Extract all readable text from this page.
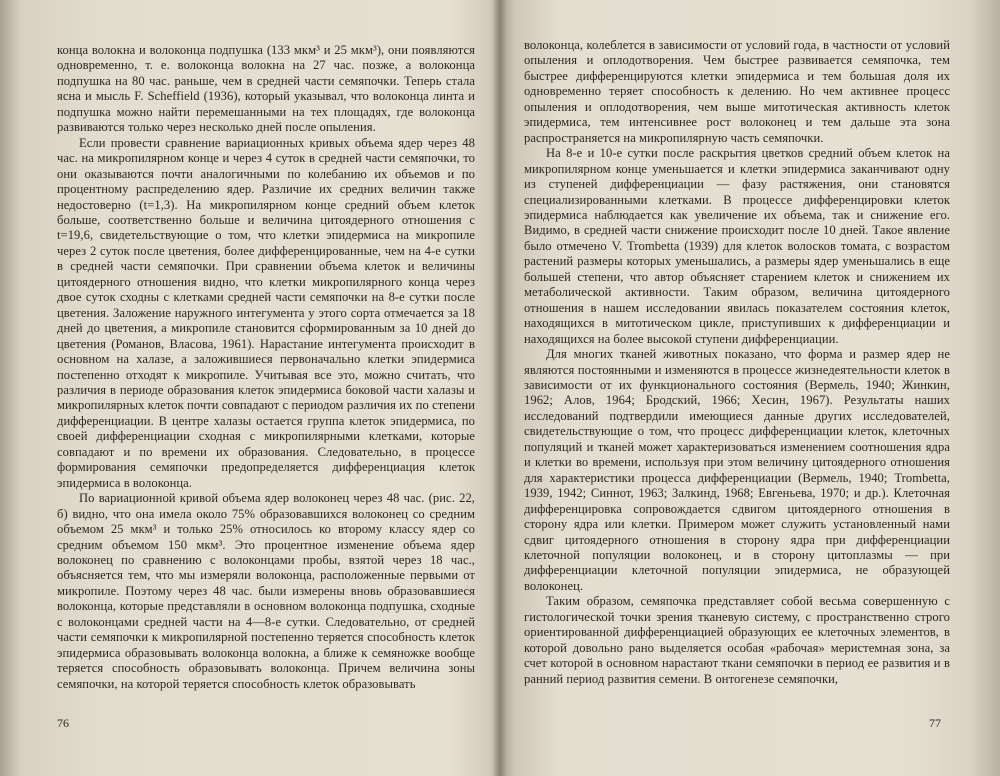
конца волокна и волоконца подпушка (133 мкм³ и 25 мкм³), они появляются одновременно, т. е. волоконца волокна на 27 час. позже, а волоконца подпушка на 80 час. раньше, чем в средней части семяпочки. Теперь стала ясна и мысль F. Scheffield (1936), который указывал, что волоконца линта и подпушка можно найти перемешанными на тех площадях, где волоконца развиваются только через несколько дней после опыления.

Если провести сравнение вариационных кривых объема ядер через 48 час. на микропилярном конце и через 4 суток в средней части семяпочки, то они оказываются почти аналогичными по колебанию их объемов и по процентному распределению ядер. Различие их средних величин также недостоверно (t=1,3). На микропилярном конце средний объем клеток больше, соответственно больше и величина цитоядерного отношения с t=19,6, свидетельствующие о том, что клетки эпидермиса на микропиле через 2 суток после цветения, более дифференцированные, чем на 4-е сутки в средней части семяпочки. При сравнении объема клеток и величины цитоядерного отношения видно, что клетки микропилярного конца через двое суток сходны с клетками средней части семяпочки на 8-е сутки после цветения. Заложение наружного интегумента у этого сорта отмечается за 18 дней до цветения, а микропиле становится сформированным за 10 дней до цветения (Романов, Власова, 1961). Нарастание интегумента происходит в основном на халазе, а заложившиеся первоначально клетки эпидермиса постепенно отходят к микропиле. Учитывая все это, можно считать, что различия в периоде образования клеток эпидермиса боковой части халазы и микропилярных клеток почти совпадают с периодом различия их по степени дифференциации. В центре халазы остается группа клеток эпидермиса, по своей дифференциации сходная с микропилярными клетками, которые совпадают и по времени их образования. Следовательно, в процессе формирования семяпочки предопределяется дифференциация клеток эпидермиса в волоконца.

По вариационной кривой объема ядер волоконец через 48 час. (рис. 22, б) видно, что она имела около 75% образовавшихся волоконец со средним объемом 25 мкм³ и только 25% относилось ко второму классу ядер со средним объемом 150 мкм³. Это процентное изменение объема ядер волоконец по сравнению с волоконцами пробы, взятой через 18 час., объясняется тем, что мы измеряли волоконца, расположенные первыми от микропиле. Поэтому через 48 час. были измерены вновь образовавшиеся волоконца, которые представляли в основном волоконца подпушка, сходные с волоконцами средней части на 4—8-е сутки. Следовательно, от средней части семяпочки к микропилярной постепенно теряется способность клеток эпидермиса образовывать волоконца волокна, а ближе к семяножке вообще теряется способность образовывать волоконца. Причем величина зоны семяпочки, на которой теряется способность клеток образовывать

76

волоконца, колеблется в зависимости от условий года, в частности от условий опыления и оплодотворения. Чем быстрее развивается семяпочка, тем быстрее дифференцируются клетки эпидермиса и тем большая доля их одновременно теряет способность к делению. Но чем активнее процесс опыления и оплодотворения, чем выше митотическая активность клеток эпидермиса, тем интенсивнее рост волоконец и тем дальше эта зона распространяется на микропилярную часть семяпочки.

На 8-е и 10-е сутки после раскрытия цветков средний объем клеток на микропилярном конце уменьшается и клетки эпидермиса заканчивают одну из ступеней дифференциации — фазу растяжения, они становятся специализированными клетками. В процессе дифференцировки клеток эпидермиса наблюдается как увеличение их объема, так и снижение его. Видимо, в средней части снижение происходит после 10 дней. Такое явление было отмечено V. Trombetta (1939) для клеток волосков томата, с возрастом растений размеры которых уменьшались, а размеры ядер уменьшались в еще большей степени, что автор объясняет старением клеток и снижением их метаболической активности. Таким образом, величина цитоядерного отношения в нашем исследовании явилась показателем состояния клеток, находящихся в митотическом цикле, приступивших к дифференциации и находящихся на более высокой ступени дифференциации.

Для многих тканей животных показано, что форма и размер ядер не являются постоянными и изменяются в процессе жизнедеятельности клеток в зависимости от их функционального состояния (Вермель, 1940; Жинкин, 1962; Алов, 1964; Бродский, 1966; Хесин, 1967). Результаты наших исследований подтвердили имеющиеся данные других исследователей, свидетельствующие о том, что процесс дифференциации клеток, клеточных популяций и тканей может характеризоваться изменением соотношения ядра и клетки во времени, используя при этом величину цитоядерного отношения для характеристики процесса дифференциации (Вермель, 1940; Trombetta, 1939, 1942; Синнот, 1963; Залкинд, 1968; Евгеньева, 1970; и др.). Клеточная дифференцировка сопровождается сдвигом цитоядерного отношения в сторону ядра или клетки. Примером может служить установленный нами сдвиг цитоядерного отношения в сторону ядра при дифференциации клеточной популяции волоконец, и в сторону цитоплазмы — при дифференциации клеточной популяции эпидермиса, не образующей волоконец.

Таким образом, семяпочка представляет собой весьма совершенную с гистологической точки зрения тканевую систему, с пространственно строго ориентированной дифференциацией образующих ее клеточных элементов, в которой довольно рано выделяется особая «рабочая» меристемная зона, за счет которой в основном нарастают ткани семяпочки в период ее развития и в ранний период развития семени. В онтогенезе семяпочки,

77
